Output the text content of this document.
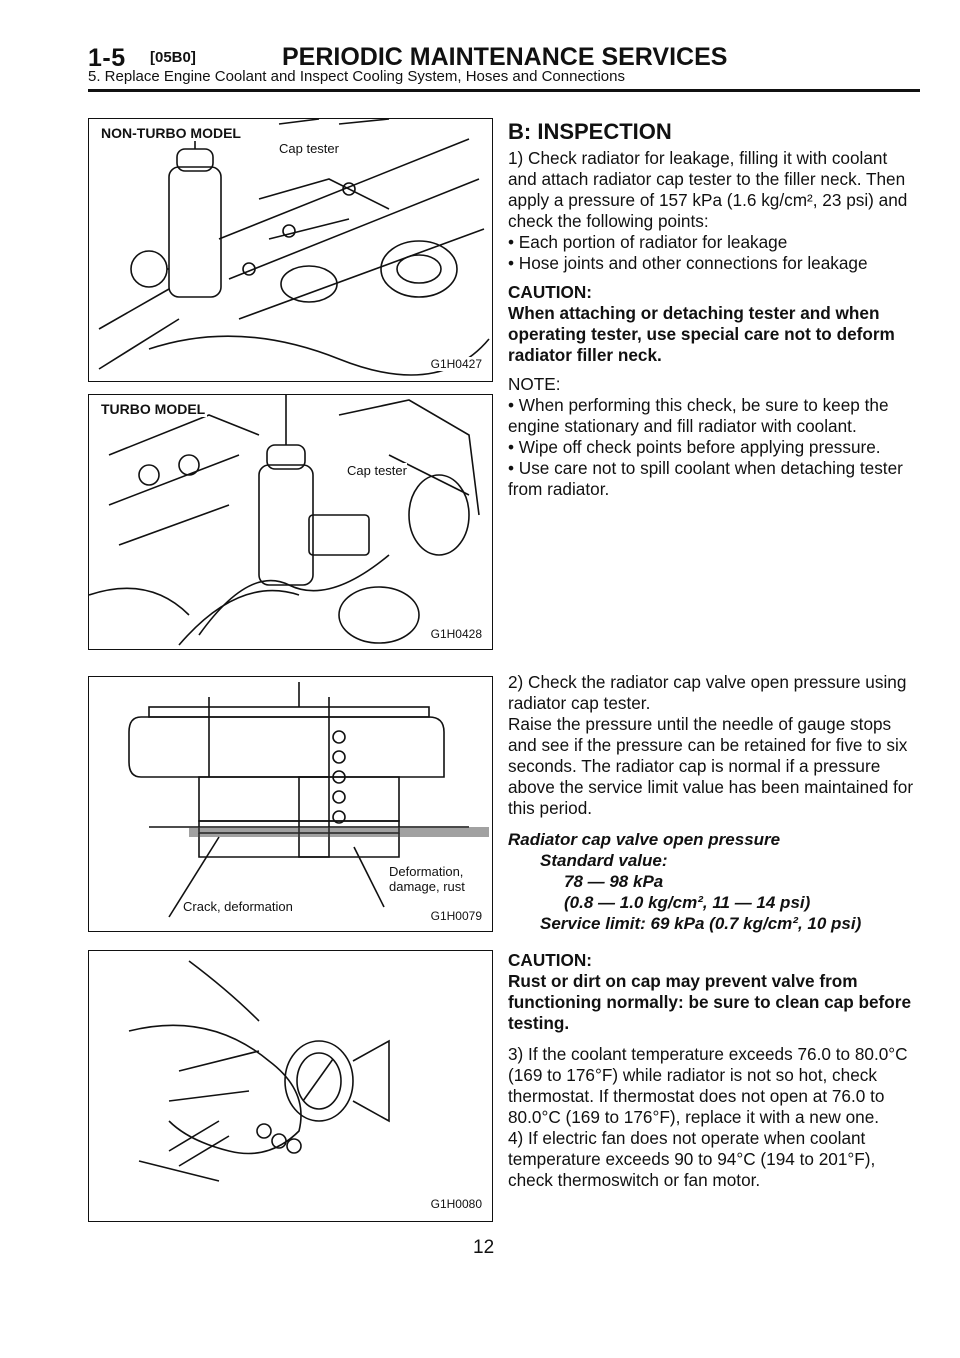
1-5 [05B0]	PERIODIC MAINTENANCE SERVICES
5. Replace Engine Coolant and Inspect Cooling System, Hoses and Connections
NON-TURBO MODEL
Cap tester
G1H0427
TURBO MODEL
Cap tester
G1H0428
Crack, deformation
Deformation,
damage, rust
G1H0079
G1H0080

B: INSPECTION

1) Check radiator for leakage, filling it with coolant and attach radiator cap tester to the filler neck. Then apply a pressure of 157 kPa (1.6 kg/cm², 23 psi) and check the following points:

• Each portion of radiator for leakage

• Hose joints and other connections for leakage

CAUTION:

When attaching or detaching tester and when operating tester, use special care not to deform radiator filler neck.

NOTE:

• When performing this check, be sure to keep the engine stationary and fill radiator with coolant.

• Wipe off check points before applying pressure.

• Use care not to spill coolant when detaching tester from radiator.

2) Check the radiator cap valve open pressure using radiator cap tester.

Raise the pressure until the needle of gauge stops and see if the pressure can be retained for five to six seconds. The radiator cap is normal if a pressure above the service limit value has been maintained for this period.

Radiator cap valve open pressure

Standard value:

78 — 98 kPa

(0.8 — 1.0 kg/cm², 11 — 14 psi)

Service limit: 69 kPa (0.7 kg/cm², 10 psi)

CAUTION:

Rust or dirt on cap may prevent valve from functioning normally: be sure to clean cap before testing.

3) If the coolant temperature exceeds 76.0 to 80.0°C (169 to 176°F) while radiator is not so hot, check thermostat. If thermostat does not open at 76.0 to 80.0°C (169 to 176°F), replace it with a new one.

4) If electric fan does not operate when coolant temperature exceeds 90 to 94°C (194 to 201°F), check thermoswitch or fan motor.

12
